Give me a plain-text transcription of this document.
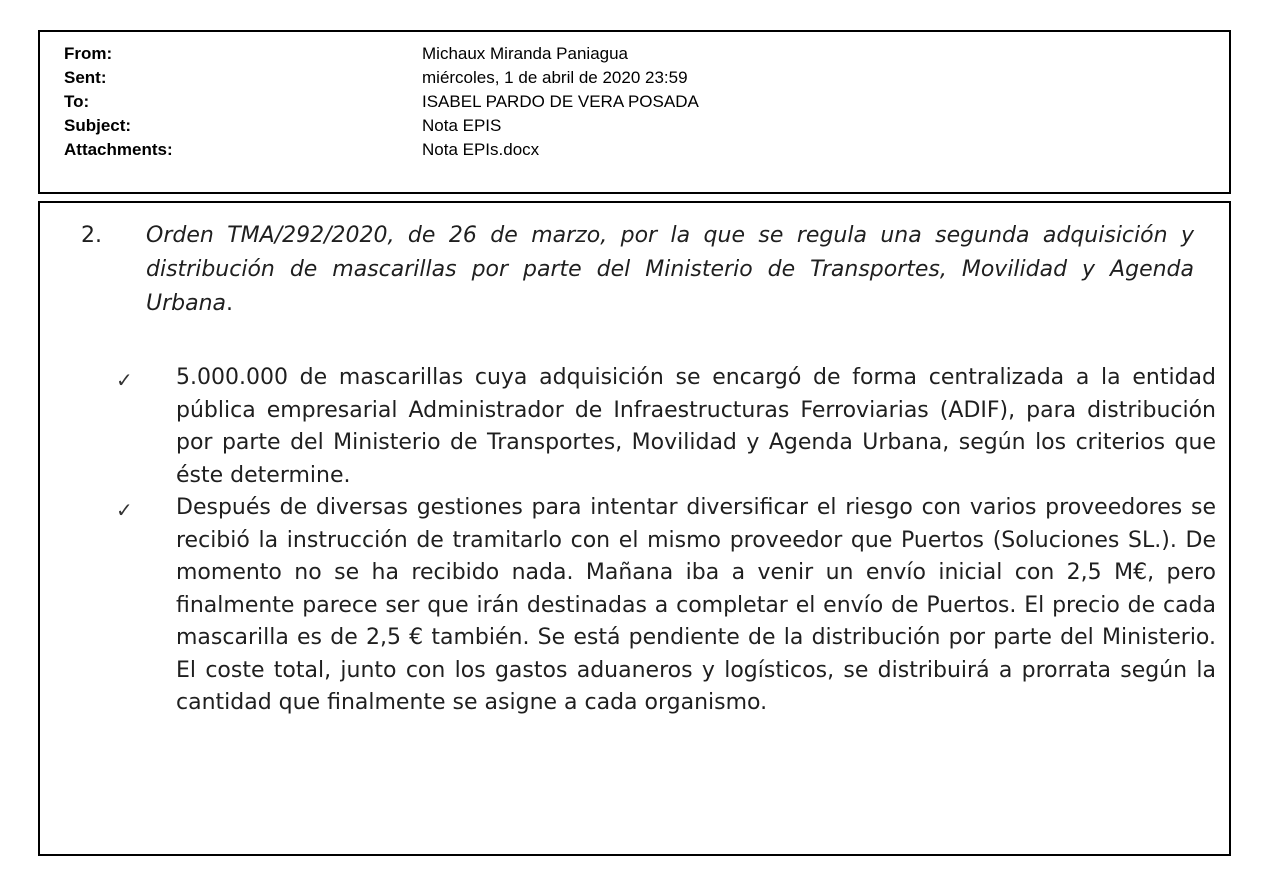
From:	Michaux Miranda Paniagua
Sent:	miércoles, 1 de abril de 2020 23:59
To:	ISABEL PARDO DE VERA POSADA
Subject:	Nota EPIS
Attachments:	Nota EPIs.docx
2. Orden TMA/292/2020, de 26 de marzo, por la que se regula una segunda adquisición y distribución de mascarillas por parte del Ministerio de Transportes, Movilidad y Agenda Urbana.

✓ 5.000.000 de mascarillas cuya adquisición se encargó de forma centralizada a la entidad pública empresarial Administrador de Infraestructuras Ferroviarias (ADIF), para distribución por parte del Ministerio de Transportes, Movilidad y Agenda Urbana, según los criterios que éste determine.

✓ Después de diversas gestiones para intentar diversificar el riesgo con varios proveedores se recibió la instrucción de tramitarlo con el mismo proveedor que Puertos (Soluciones SL.). De momento no se ha recibido nada. Mañana iba a venir un envío inicial con 2,5 M€, pero finalmente parece ser que irán destinadas a completar el envío de Puertos. El precio de cada mascarilla es de 2,5 € también. Se está pendiente de la distribución por parte del Ministerio. El coste total, junto con los gastos aduaneros y logísticos, se distribuirá a prorrata según la cantidad que finalmente se asigne a cada organismo.
